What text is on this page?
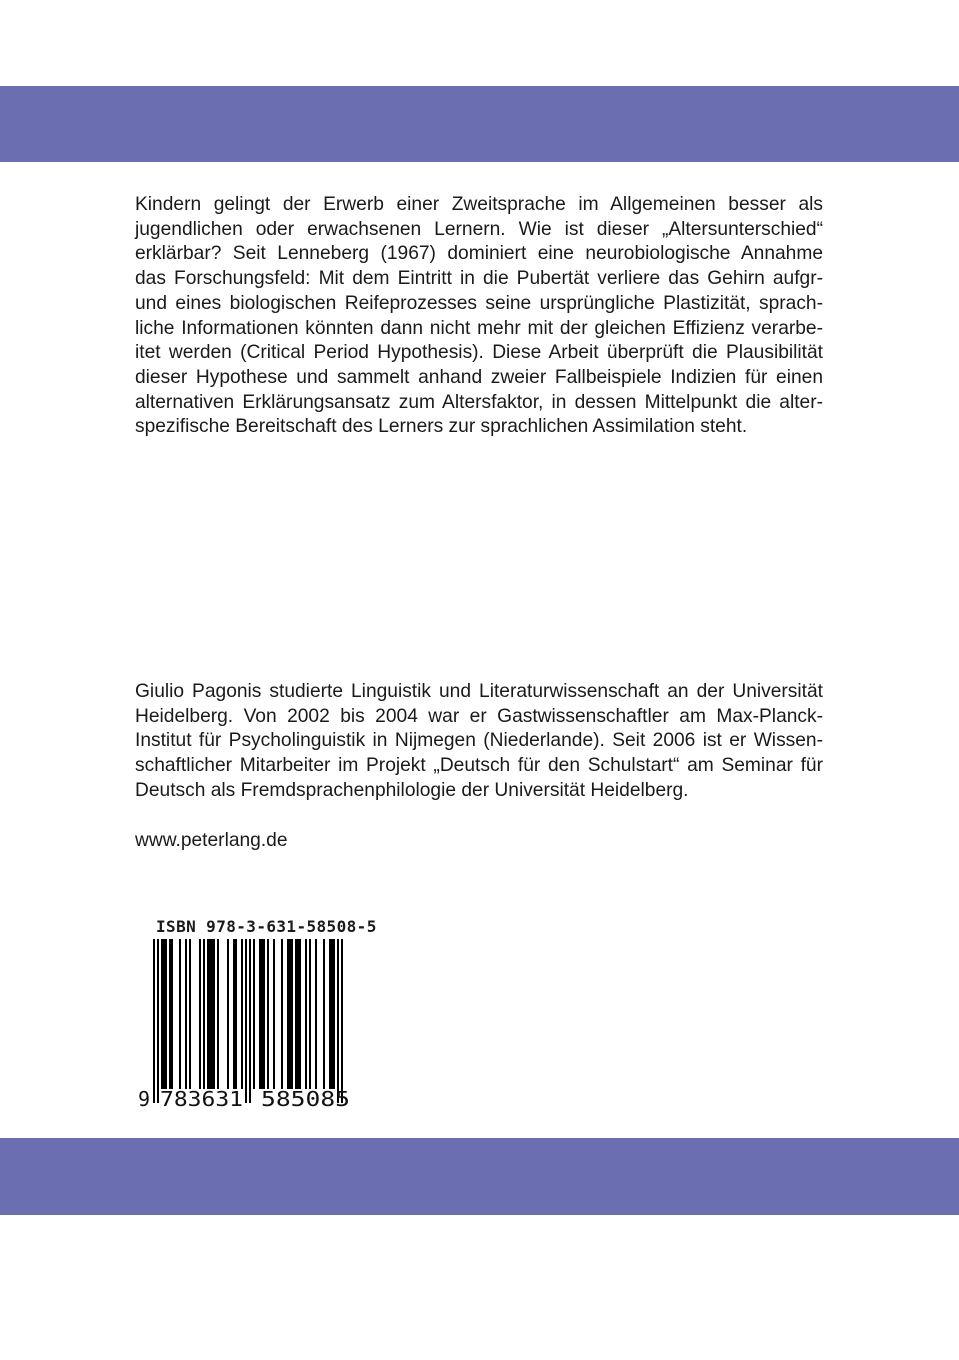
Kindern gelingt der Erwerb einer Zweitsprache im Allgemeinen besser als
jugendlichen oder erwachsenen Lernern. Wie ist dieser „Altersunterschied“
erklärbar? Seit Lenneberg (1967) dominiert eine neurobiologische Annahme
das Forschungsfeld: Mit dem Eintritt in die Pubertät verliere das Gehirn aufgr-
und eines biologischen Reifeprozesses seine ursprüngliche Plastizität, sprach-
liche Informationen könnten dann nicht mehr mit der gleichen Effizienz verarbe-
itet werden (Critical Period Hypothesis). Diese Arbeit überprüft die Plausibilität
dieser Hypothese und sammelt anhand zweier Fallbeispiele Indizien für einen
alternativen Erklärungsansatz zum Altersfaktor, in dessen Mittelpunkt die alter-
spezifische Bereitschaft des Lerners zur sprachlichen Assimilation steht.
Giulio Pagonis studierte Linguistik und Literaturwissenschaft an der Universität
Heidelberg. Von 2002 bis 2004 war er Gastwissenschaftler am Max-Planck-
Institut für Psycholinguistik in Nijmegen (Niederlande). Seit 2006 ist er Wissen-
schaftlicher Mitarbeiter im Projekt „Deutsch für den Schulstart“ am Seminar für
Deutsch als Fremdsprachenphilologie der Universität Heidelberg.
www.peterlang.de
9 783631 585085
ISBN 978-3-631-58508-5
